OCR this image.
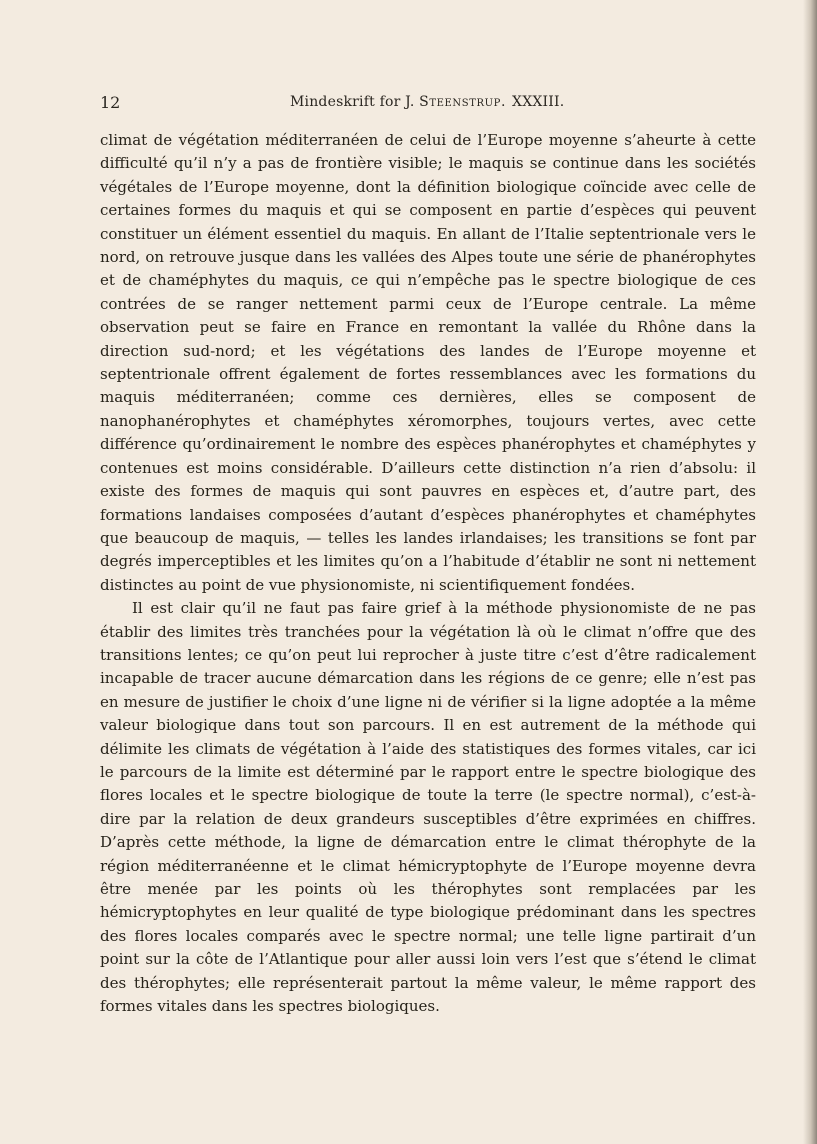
12	Mindeskrift for J. Steenstrup. XXXIII.

climat de végétation méditerranéen de celui de l’Europe moyenne s’aheurte à cette difficulté qu’il n’y a pas de frontière visible; le maquis se continue dans les sociétés végétales de l’Europe moyenne, dont la définition biologique coïncide avec celle de certaines formes du maquis et qui se composent en partie d’espèces qui peuvent constituer un élément essentiel du maquis. En allant de l’Italie septentrionale vers le nord, on retrouve jusque dans les vallées des Alpes toute une série de phanérophytes et de chaméphytes du maquis, ce qui n’empêche pas le spectre biologique de ces contrées de se ranger nettement parmi ceux de l’Europe centrale. La même observation peut se faire en France en remontant la vallée du Rhône dans la direction sud-nord; et les végétations des landes de l’Europe moyenne et septentrionale offrent également de fortes ressemblances avec les formations du maquis méditerranéen; comme ces dernières, elles se composent de nanophanérophytes et chaméphytes xéromorphes, toujours vertes, avec cette différence qu’ordinairement le nombre des espèces phanérophytes et chaméphytes y contenues est moins considérable. D’ailleurs cette distinction n’a rien d’absolu: il existe des formes de maquis qui sont pauvres en espèces et, d’autre part, des formations landaises composées d’autant d’espèces phanérophytes et chaméphytes que beaucoup de maquis, — telles les landes irlandaises; les transitions se font par degrés imperceptibles et les limites qu’on a l’habitude d’établir ne sont ni nettement distinctes au point de vue physionomiste, ni scientifiquement fondées.

Il est clair qu’il ne faut pas faire grief à la méthode physionomiste de ne pas établir des limites très tranchées pour la végétation là où le climat n’offre que des transitions lentes; ce qu’on peut lui reprocher à juste titre c’est d’être radicalement incapable de tracer aucune démarcation dans les régions de ce genre; elle n’est pas en mesure de justifier le choix d’une ligne ni de vérifier si la ligne adoptée a la même valeur biologique dans tout son parcours. Il en est autrement de la méthode qui délimite les climats de végétation à l’aide des statistiques des formes vitales, car ici le parcours de la limite est déterminé par le rapport entre le spectre biologique des flores locales et le spectre biologique de toute la terre (le spectre normal), c’est-à-dire par la relation de deux grandeurs susceptibles d’être exprimées en chiffres. D’après cette méthode, la ligne de démarcation entre le climat thérophyte de la région méditerranéenne et le climat hémicryptophyte de l’Europe moyenne devra être menée par les points où les thérophytes sont remplacées par les hémicryptophytes en leur qualité de type biologique prédominant dans les spectres des flores locales comparés avec le spectre normal; une telle ligne partirait d’un point sur la côte de l’Atlantique pour aller aussi loin vers l’est que s’étend le climat des thérophytes; elle représenterait partout la même valeur, le même rapport des formes vitales dans les spectres biologiques.
